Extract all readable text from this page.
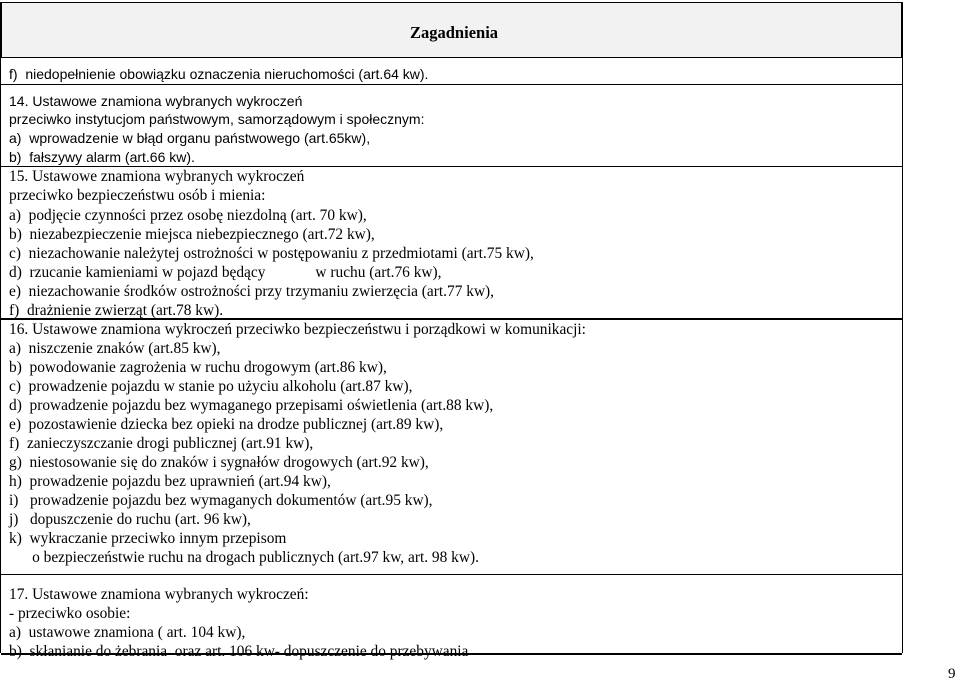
Zagadnienia
f)  niedopełnienie obowiązku oznaczenia nieruchomości (art.64 kw).
14. Ustawowe znamiona wybranych wykroczeń
przeciwko instytucjom państwowym, samorządowym i społecznym:
a)  wprowadzenie w błąd organu państwowego (art.65kw),
b)  fałszywy alarm (art.66 kw).
15. Ustawowe znamiona wybranych wykroczeń
przeciwko bezpieczeństwu osób i mienia:
a)  podjęcie czynności przez osobę niezdolną (art. 70 kw),
b)  niezabezpieczenie miejsca niebezpiecznego (art.72 kw),
c)  niezachowanie należytej ostrożności w postępowaniu z przedmiotami (art.75 kw),
d)  rzucanie kamieniami w pojazd będący             w ruchu (art.76 kw),
e)  niezachowanie środków ostrożności przy trzymaniu zwierzęcia (art.77 kw),
f)  drażnienie zwierząt (art.78 kw).
16. Ustawowe znamiona wykroczeń przeciwko bezpieczeństwu i porządkowi w komunikacji:
a)  niszczenie znaków (art.85 kw),
b)  powodowanie zagrożenia w ruchu drogowym (art.86 kw),
c)  prowadzenie pojazdu w stanie po użyciu alkoholu (art.87 kw),
d)  prowadzenie pojazdu bez wymaganego przepisami oświetlenia (art.88 kw),
e)  pozostawienie dziecka bez opieki na drodze publicznej (art.89 kw),
f)  zanieczyszczanie drogi publicznej (art.91 kw),
g)  niestosowanie się do znaków i sygnałów drogowych (art.92 kw),
h)  prowadzenie pojazdu bez uprawnień (art.94 kw),
i)   prowadzenie pojazdu bez wymaganych dokumentów (art.95 kw),
j)   dopuszczenie do ruchu (art. 96 kw),
k)  wykraczanie przeciwko innym przepisom
o bezpieczeństwie ruchu na drogach publicznych (art.97 kw, art. 98 kw).
17. Ustawowe znamiona wybranych wykroczeń:
- przeciwko osobie:
a)  ustawowe znamiona ( art. 104 kw),
b)  skłanianie do żebrania  oraz art. 106 kw- dopuszczenie do przebywania
9
